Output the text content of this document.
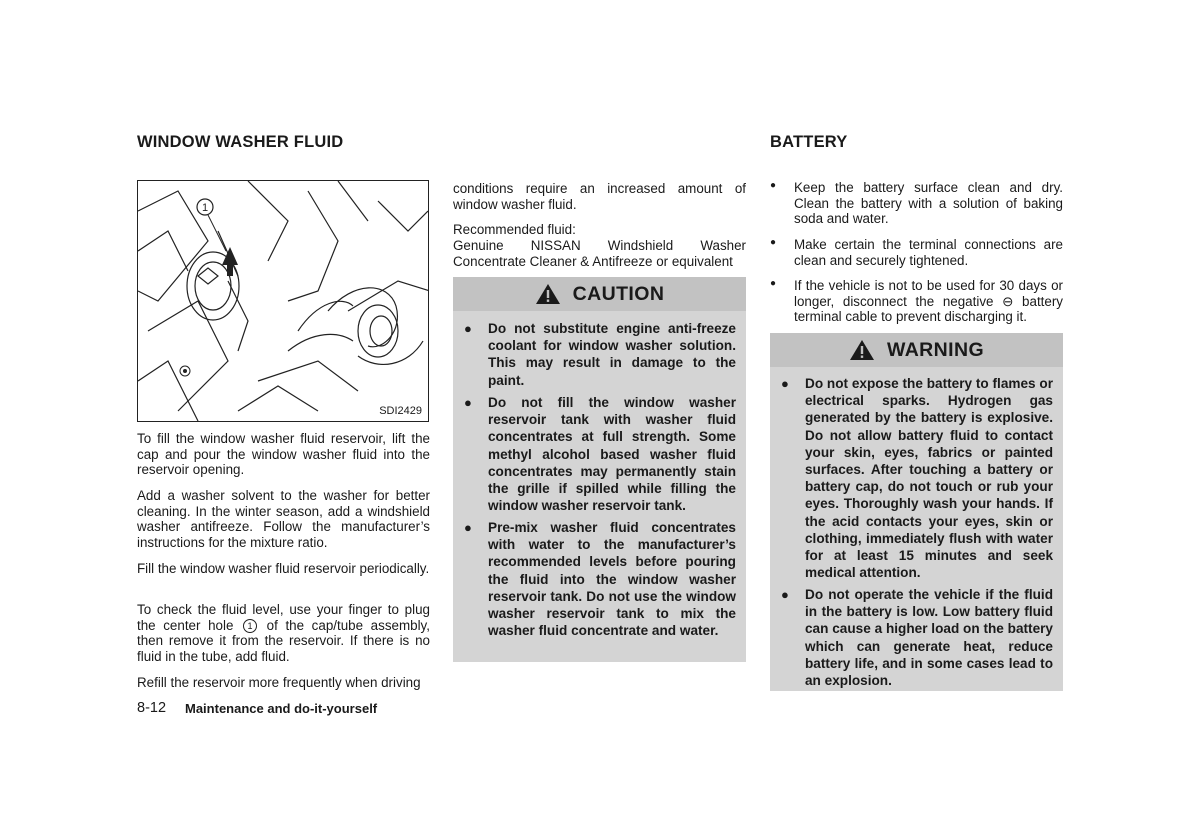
WINDOW WASHER FLUID
1
SDI2429
To fill the window washer fluid reservoir, lift the cap and pour the window washer fluid into the reservoir opening.
Add a washer solvent to the washer for better cleaning. In the winter season, add a windshield washer antifreeze. Follow the manufacturer’s instructions for the mixture ratio.
Fill the window washer fluid reservoir periodically.
To check the fluid level, use your finger to plug the center hole 1 of the cap/tube assembly, then remove it from the reservoir. If there is no fluid in the tube, add fluid.
Refill the reservoir more frequently when driving
conditions require an increased amount of window washer fluid.
Recommended fluid:
Genuine NISSAN Windshield Washer Concentrate Cleaner & Antifreeze or equivalent
CAUTION
● Do not substitute engine anti-freeze coolant for window washer solution. This may result in damage to the paint.
● Do not fill the window washer reservoir tank with washer fluid concentrates at full strength. Some methyl alcohol based washer fluid concentrates may permanently stain the grille if spilled while filling the window washer reservoir tank.
● Pre-mix washer fluid concentrates with water to the manufacturer’s recommended levels before pouring the fluid into the window washer reservoir tank. Do not use the window washer reservoir tank to mix the washer fluid concentrate and water.
BATTERY
● Keep the battery surface clean and dry. Clean the battery with a solution of baking soda and water.
● Make certain the terminal connections are clean and securely tightened.
● If the vehicle is not to be used for 30 days or longer, disconnect the negative ⊖ battery terminal cable to prevent discharging it.
WARNING
● Do not expose the battery to flames or electrical sparks. Hydrogen gas generated by the battery is explosive. Do not allow battery fluid to contact your skin, eyes, fabrics or painted surfaces. After touching a battery or battery cap, do not touch or rub your eyes. Thoroughly wash your hands. If the acid contacts your eyes, skin or clothing, immediately flush with water for at least 15 minutes and seek medical attention.
● Do not operate the vehicle if the fluid in the battery is low. Low battery fluid can cause a higher load on the battery which can generate heat, reduce battery life, and in some cases lead to an explosion.
8-12 Maintenance and do-it-yourself
